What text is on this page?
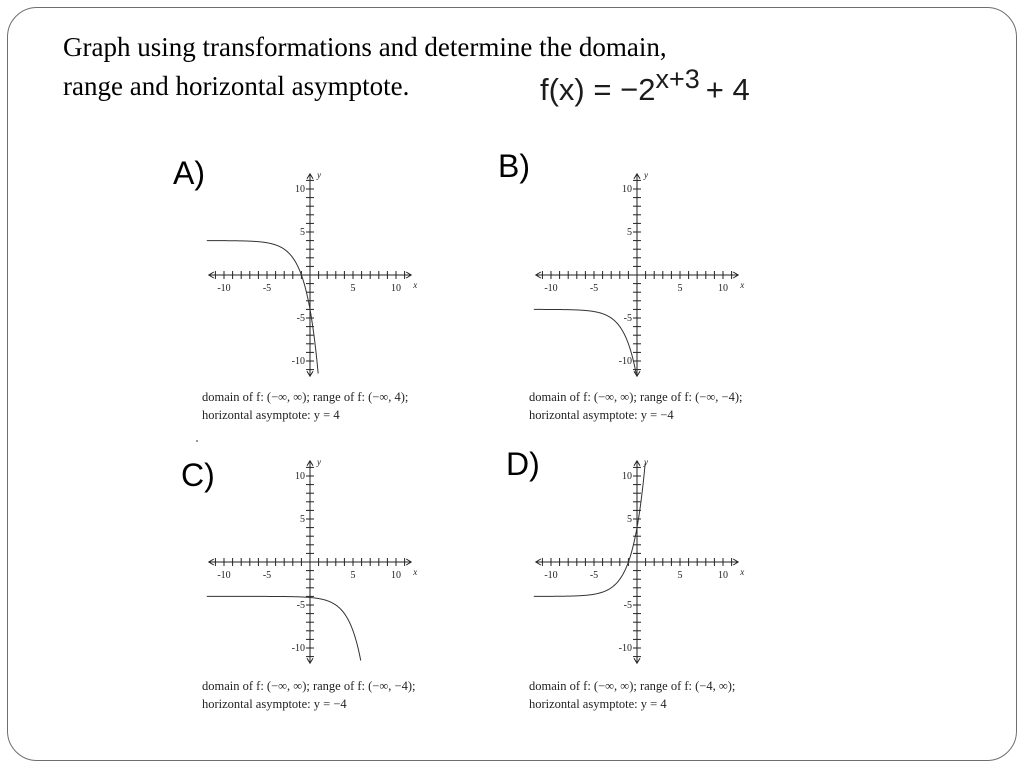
Graph using transformations and determine the domain,
range and horizontal asymptote.	f(x) = −2x+3 + 4
A)
-10	-5	5	10 x
10
5
-5
-10
y
domain of f: (−∞, ∞); range of f: (−∞, 4);
horizontal asymptote: y = 4
B)
-10	-5	5	10 x
10
5
-5
-10
y
domain of f: (−∞, ∞); range of f: (−∞, −4);
horizontal asymptote: y = −4
C)
-10	-5	5	10 x
10
5
-5
-10
y
domain of f: (−∞, ∞); range of f: (−∞, −4);
horizontal asymptote: y = −4
D)
-10	-5	5	10 x
10
5
-5
-10
y
domain of f: (−∞, ∞); range of f: (−4, ∞);
horizontal asymptote: y = 4
